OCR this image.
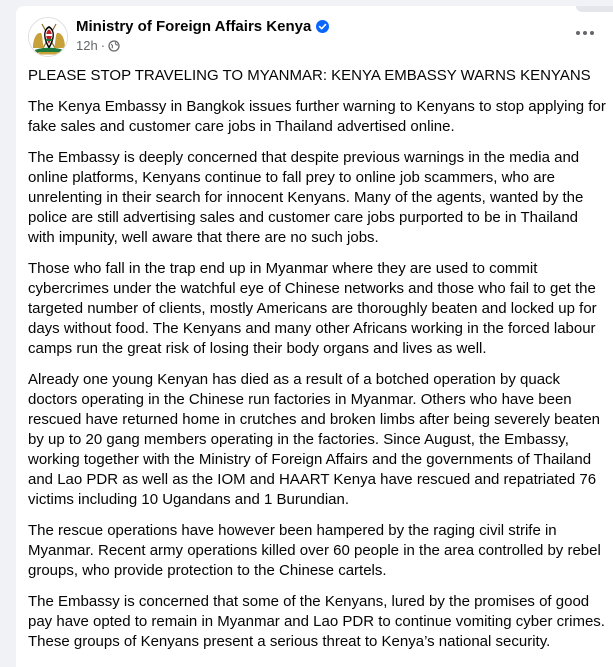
Ministry of Foreign Affairs Kenya
12h ·

PLEASE STOP TRAVELING TO MYANMAR: KENYA EMBASSY WARNS KENYANS

The Kenya Embassy in Bangkok issues further warning to Kenyans to stop applying for fake sales and customer care jobs in Thailand advertised online.

The Embassy is deeply concerned that despite previous warnings in the media and online platforms, Kenyans continue to fall prey to online job scammers, who are unrelenting in their search for innocent Kenyans. Many of the agents, wanted by the police are still advertising sales and customer care jobs purported to be in Thailand with impunity, well aware that there are no such jobs.

Those who fall in the trap end up in Myanmar where they are used to commit cybercrimes under the watchful eye of Chinese networks and those who fail to get the targeted number of clients, mostly Americans are thoroughly beaten and locked up for days without food. The Kenyans and many other Africans working in the forced labour camps run the great risk of losing their body organs and lives as well.

Already one young Kenyan has died as a result of a botched operation by quack doctors operating in the Chinese run factories in Myanmar. Others who have been rescued have returned home in crutches and broken limbs after being severely beaten by up to 20 gang members operating in the factories. Since August, the Embassy, working together with the Ministry of Foreign Affairs and the governments of Thailand and Lao PDR as well as the IOM and HAART Kenya have rescued and repatriated 76 victims including 10 Ugandans and 1 Burundian.

The rescue operations have however been hampered by the raging civil strife in Myanmar. Recent army operations killed over 60 people in the area controlled by rebel groups, who provide protection to the Chinese cartels.

The Embassy is concerned that some of the Kenyans, lured by the promises of good pay have opted to remain in Myanmar and Lao PDR to continue vomiting cyber crimes. These groups of Kenyans present a serious threat to Kenya’s national security.
